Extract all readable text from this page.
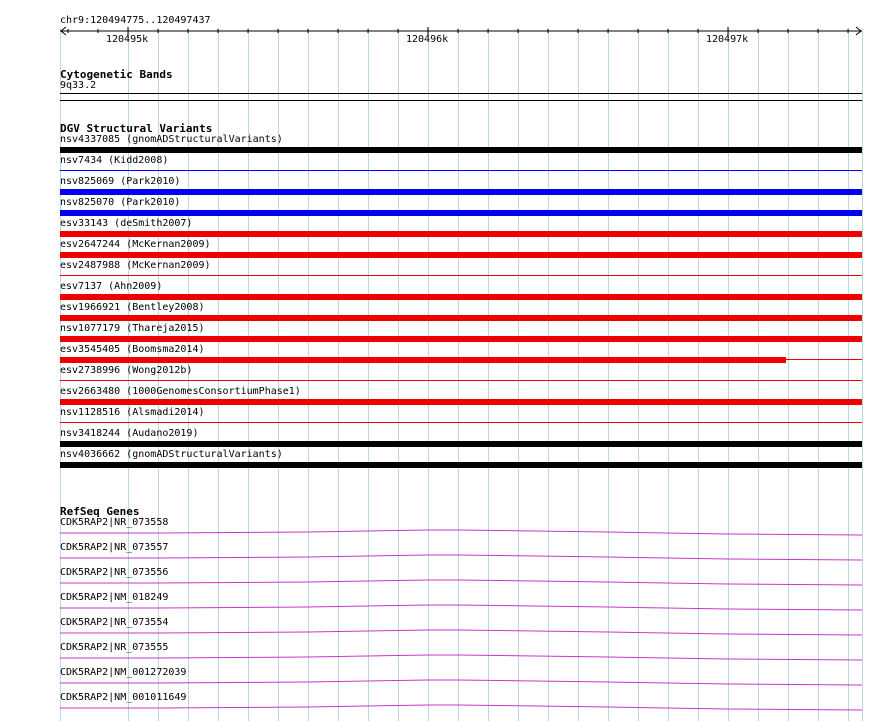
chr9:120494775..120497437
120495k	120496k	120497k
Cytogenetic Bands
9q33.2
DGV Structural Variants
nsv4337085 (gnomADStructuralVariants)
nsv7434 (Kidd2008)
nsv825069 (Park2010)
nsv825070 (Park2010)
esv33143 (deSmith2007)
esv2647244 (McKernan2009)
esv2487988 (McKernan2009)
esv7137 (Ahn2009)
esv1966921 (Bentley2008)
nsv1077179 (Thareja2015)
esv3545405 (Boomsma2014)
esv2738996 (Wong2012b)
esv2663480 (1000GenomesConsortiumPhase1)
nsv1128516 (Alsmadi2014)
nsv3418244 (Audano2019)
nsv4036662 (gnomADStructuralVariants)
RefSeq Genes
CDK5RAP2|NR_073558
CDK5RAP2|NR_073557
CDK5RAP2|NR_073556
CDK5RAP2|NM_018249
CDK5RAP2|NR_073554
CDK5RAP2|NR_073555
CDK5RAP2|NM_001272039
CDK5RAP2|NM_001011649
